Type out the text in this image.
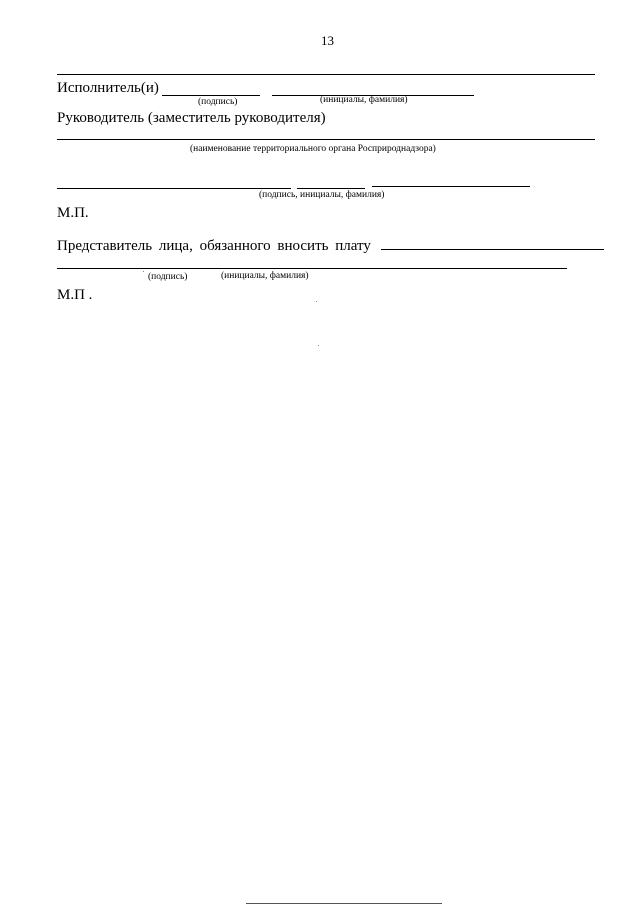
13
Исполнитель(и)
(подпись)	(инициалы, фамилия)
Руководитель (заместитель руководителя)
(наименование территориального органа Росприроднадзора)
(подпись, инициалы, фамилия)
М.П.
Представитель лица, обязанного вносить плату
(подпись)	(инициалы, фамилия)
М.П .
